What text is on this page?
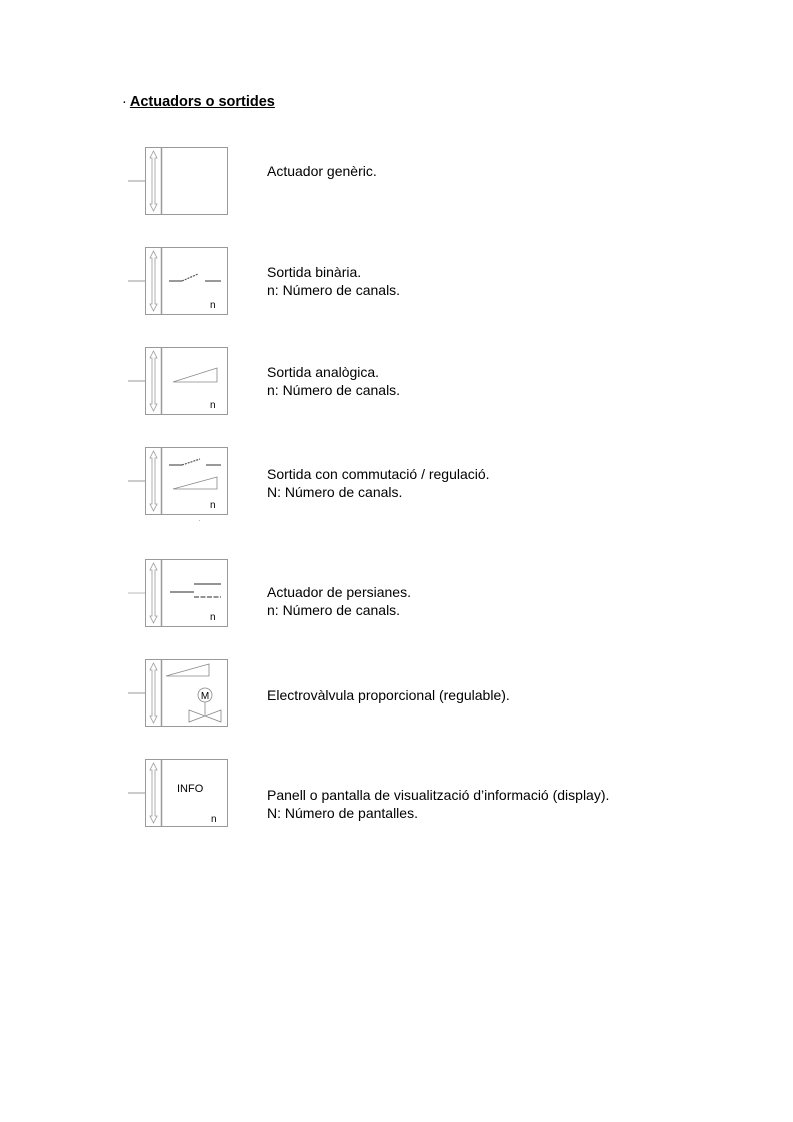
· Actuadors o sortides
Actuador genèric.
n
Sortida binària.
n: Número de canals.
n
Sortida analògica.
n: Número de canals.
n
Sortida con commutació / regulació.
N: Número de canals.
n
Actuador de persianes.
n: Número de canals.
M	Electrovàlvula proporcional (regulable).
INFO
n
Panell o pantalla de visualització d’informació (display).
N: Número de pantalles.
